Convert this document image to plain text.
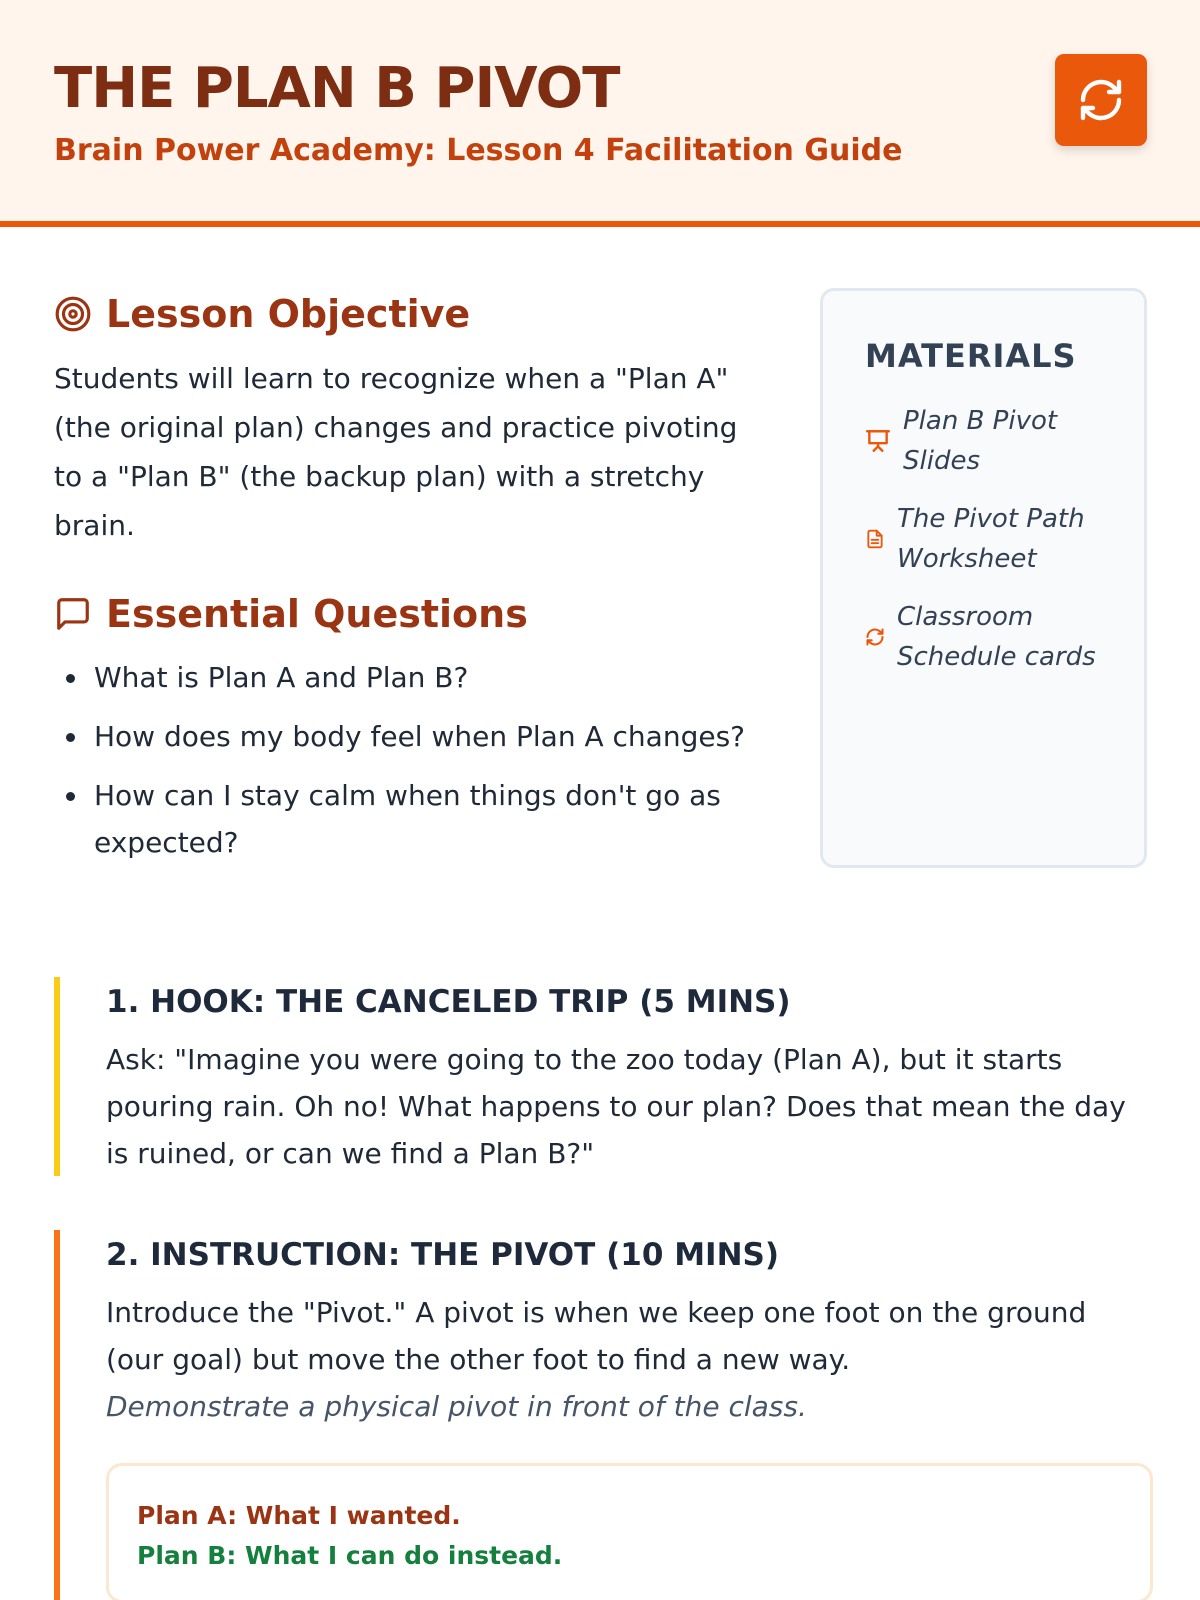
THE PLAN B PIVOT
Brain Power Academy: Lesson 4 Facilitation Guide
Lesson Objective

Students will learn to recognize when a "Plan A" (the original plan) changes and practice pivoting to a "Plan B" (the backup plan) with a stretchy brain.

Essential Questions
What is Plan A and Plan B?
How does my body feel when Plan A changes?
How can I stay calm when things don't go as expected?
MATERIALS
Plan B Pivot Slides
The Pivot Path Worksheet
Classroom Schedule cards
1. HOOK: THE CANCELED TRIP (5 MINS)

Ask: "Imagine you were going to the zoo today (Plan A), but it starts pouring rain. Oh no! What happens to our plan? Does that mean the day is ruined, or can we find a Plan B?"

2. INSTRUCTION: THE PIVOT (10 MINS)

Introduce the "Pivot." A pivot is when we keep one foot on the ground (our goal) but move the other foot to find a new way.

Demonstrate a physical pivot in front of the class.

Plan A: What I wanted.
Plan B: What I can do instead.
